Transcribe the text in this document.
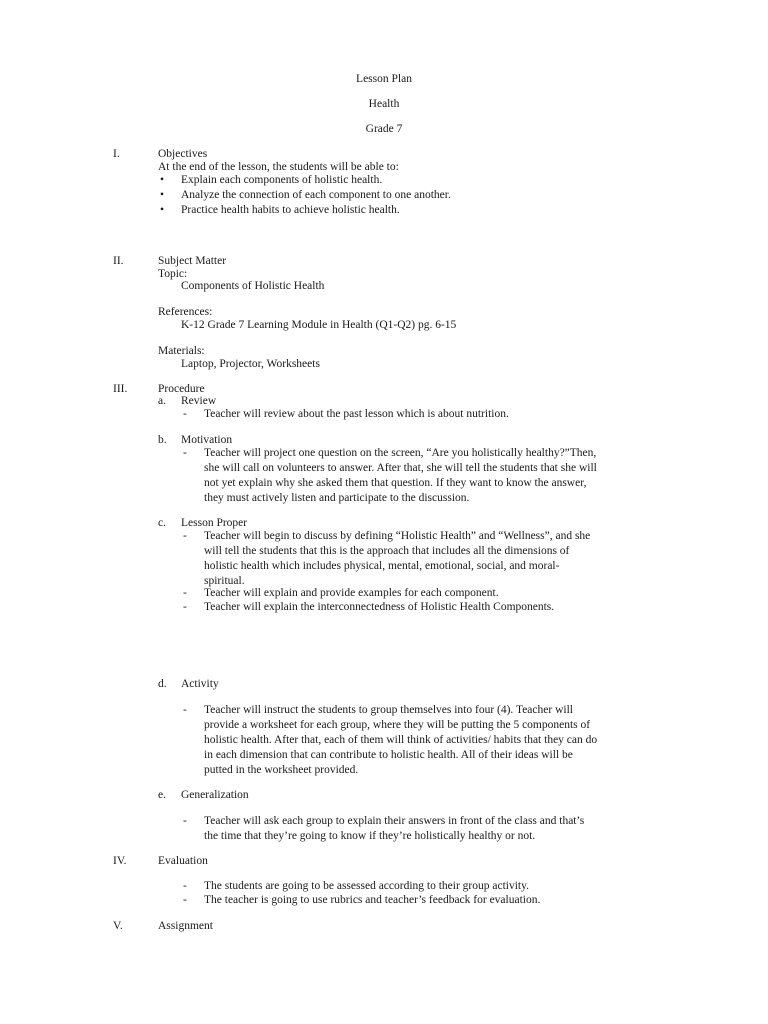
Lesson Plan
Health
Grade 7
I.	Objectives
At the end of the lesson, the students will be able to:
• Explain each components of holistic health.
• Analyze the connection of each component to one another.
• Practice health habits to achieve holistic health.
II.	Subject Matter
Topic:
Components of Holistic Health
References:
K-12 Grade 7 Learning Module in Health (Q1-Q2) pg. 6-15
Materials:
Laptop, Projector, Worksheets
III.	Procedure
a. Review
- Teacher will review about the past lesson which is about nutrition.
b. Motivation
- Teacher will project one question on the screen, “Are you holistically healthy?”Then,
she will call on volunteers to answer. After that, she will tell the students that she will
not yet explain why she asked them that question. If they want to know the answer,
they must actively listen and participate to the discussion.
c. Lesson Proper
- Teacher will begin to discuss by defining “Holistic Health” and “Wellness”, and she
will tell the students that this is the approach that includes all the dimensions of
holistic health which includes physical, mental, emotional, social, and moral-
spiritual.
- Teacher will explain and provide examples for each component.
- Teacher will explain the interconnectedness of Holistic Health Components.
d. Activity
- Teacher will instruct the students to group themselves into four (4). Teacher will
provide a worksheet for each group, where they will be putting the 5 components of
holistic health. After that, each of them will think of activities/ habits that they can do
in each dimension that can contribute to holistic health. All of their ideas will be
putted in the worksheet provided.
e. Generalization
- Teacher will ask each group to explain their answers in front of the class and that’s
the time that they’re going to know if they’re holistically healthy or not.
IV.	Evaluation
- The students are going to be assessed according to their group activity.
- The teacher is going to use rubrics and teacher’s feedback for evaluation.
V.	Assignment
